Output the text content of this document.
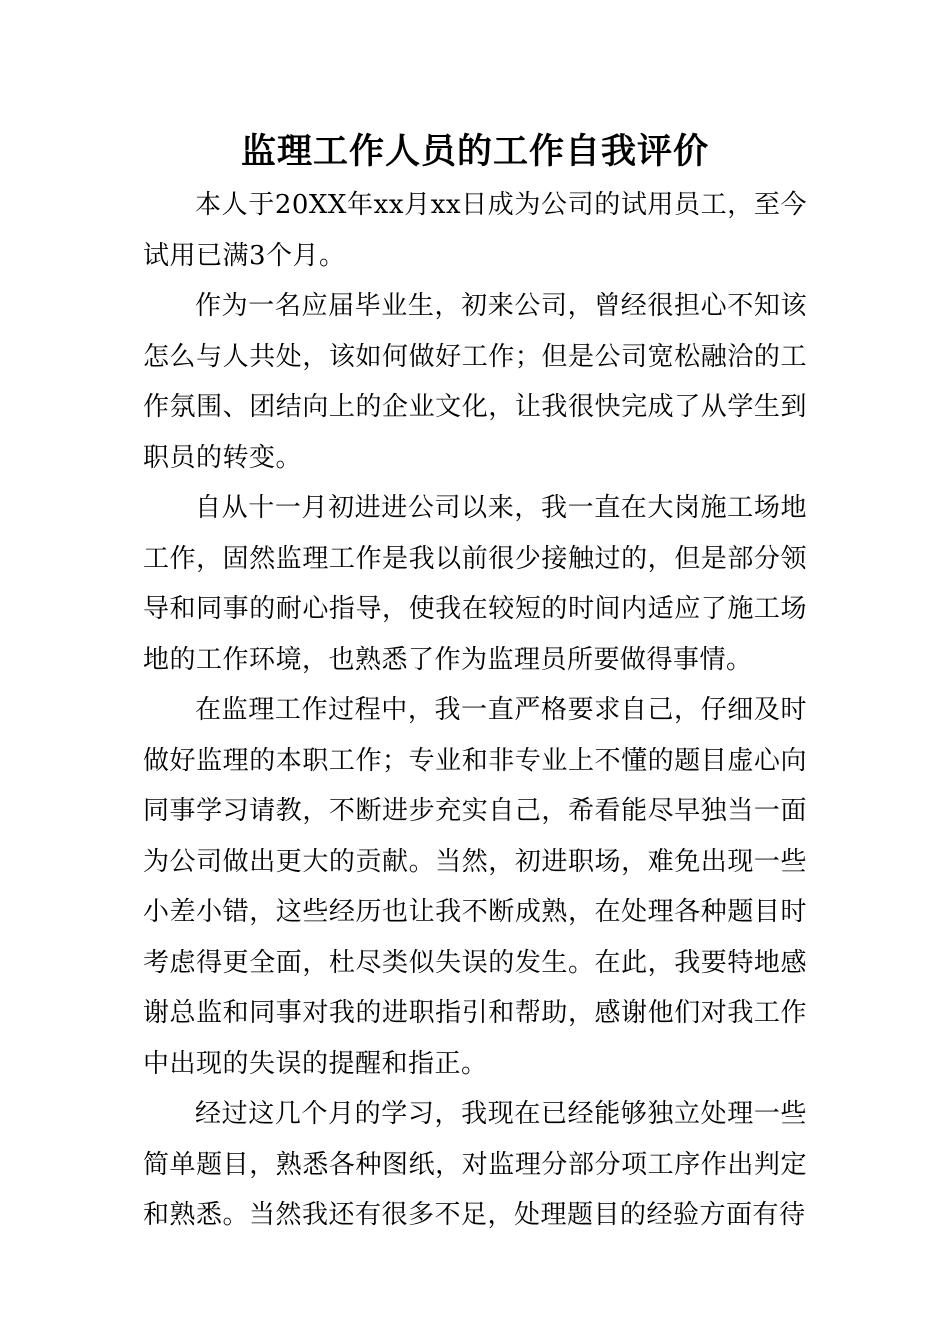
监理工作人员的工作自我评价

本人于20XX年xx月xx日成为公司的试用员工，至今试用已满3个月。

作为一名应届毕业生，初来公司，曾经很担心不知该怎么与人共处，该如何做好工作；但是公司宽松融洽的工作氛围、团结向上的企业文化，让我很快完成了从学生到职员的转变。

自从十一月初进进公司以来，我一直在大岗施工场地工作，固然监理工作是我以前很少接触过的，但是部分领导和同事的耐心指导，使我在较短的时间内适应了施工场地的工作环境，也熟悉了作为监理员所要做得事情。

在监理工作过程中，我一直严格要求自己，仔细及时做好监理的本职工作；专业和非专业上不懂的题目虚心向同事学习请教，不断进步充实自己，希看能尽早独当一面为公司做出更大的贡献。当然，初进职场，难免出现一些小差小错，这些经历也让我不断成熟，在处理各种题目时考虑得更全面，杜尽类似失误的发生。在此，我要特地感谢总监和同事对我的进职指引和帮助，感谢他们对我工作中出现的失误的提醒和指正。

经过这几个月的学习，我现在已经能够独立处理一些简单题目，熟悉各种图纸，对监理分部分项工序作出判定和熟悉。当然我还有很多不足，处理题目的经验方面有待
